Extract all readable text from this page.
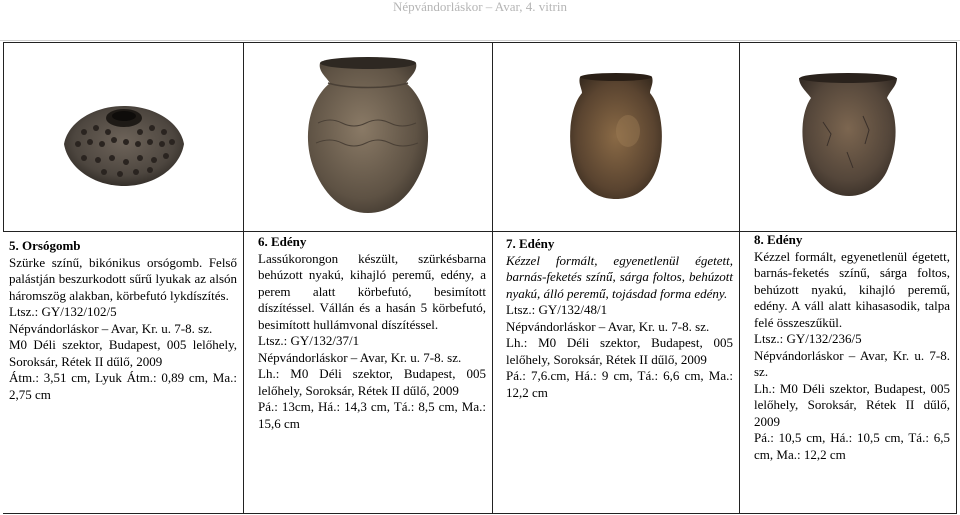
Népvándorláskor – Avar, 4. vitrin
5. Orsógomb
Szürke színű, bikónikus orsógomb. Felső palástján beszurkodott sűrű lyukak az alsón háromszög alakban, körbefutó lykdíszítés.
Ltsz.: GY/132/102/5
Népvándorláskor – Avar, Kr. u. 7-8. sz.
M0 Déli szektor, Budapest, 005 lelőhely, Soroksár, Rétek II dűlő, 2009
Átm.: 3,51 cm, Lyuk Átm.: 0,89 cm, Ma.: 2,75 cm
6. Edény
Lassúkorongon készült, szürkésbarna behúzott nyakú, kihajló peremű, edény, a perem alatt körbefutó, besimított díszítéssel. Vállán és a hasán 5 körbefutó, besimított hullámvonal díszítéssel.
Ltsz.: GY/132/37/1
Népvándorláskor – Avar, Kr. u. 7-8. sz.
Lh.: M0 Déli szektor, Budapest, 005 lelőhely, Soroksár, Rétek II dűlő, 2009
Pá.: 13cm, Há.: 14,3 cm, Tá.: 8,5 cm, Ma.: 15,6 cm
7. Edény
Kézzel formált, egyenetlenül égetett, barnás-feketés színű, sárga foltos, behúzott nyakú, álló peremű, tojásdad forma edény.
Ltsz.: GY/132/48/1
Népvándorláskor – Avar, Kr. u. 7-8. sz.
Lh.: M0 Déli szektor, Budapest, 005 lelőhely, Soroksár, Rétek II dűlő, 2009
Pá.: 7,6.cm, Há.: 9 cm, Tá.: 6,6 cm, Ma.: 12,2 cm
8. Edény
Kézzel formált, egyenetlenül égetett, barnás-feketés színű, sárga foltos, behúzott nyakú, kihajló peremű, edény. A váll alatt kihasasodik, talpa felé összeszűkül.
Ltsz.: GY/132/236/5
Népvándorláskor – Avar, Kr. u. 7-8. sz.
Lh.: M0 Déli szektor, Budapest, 005 lelőhely, Soroksár, Rétek II dűlő, 2009
Pá.: 10,5 cm, Há.: 10,5 cm, Tá.: 6,5 cm, Ma.: 12,2 cm
